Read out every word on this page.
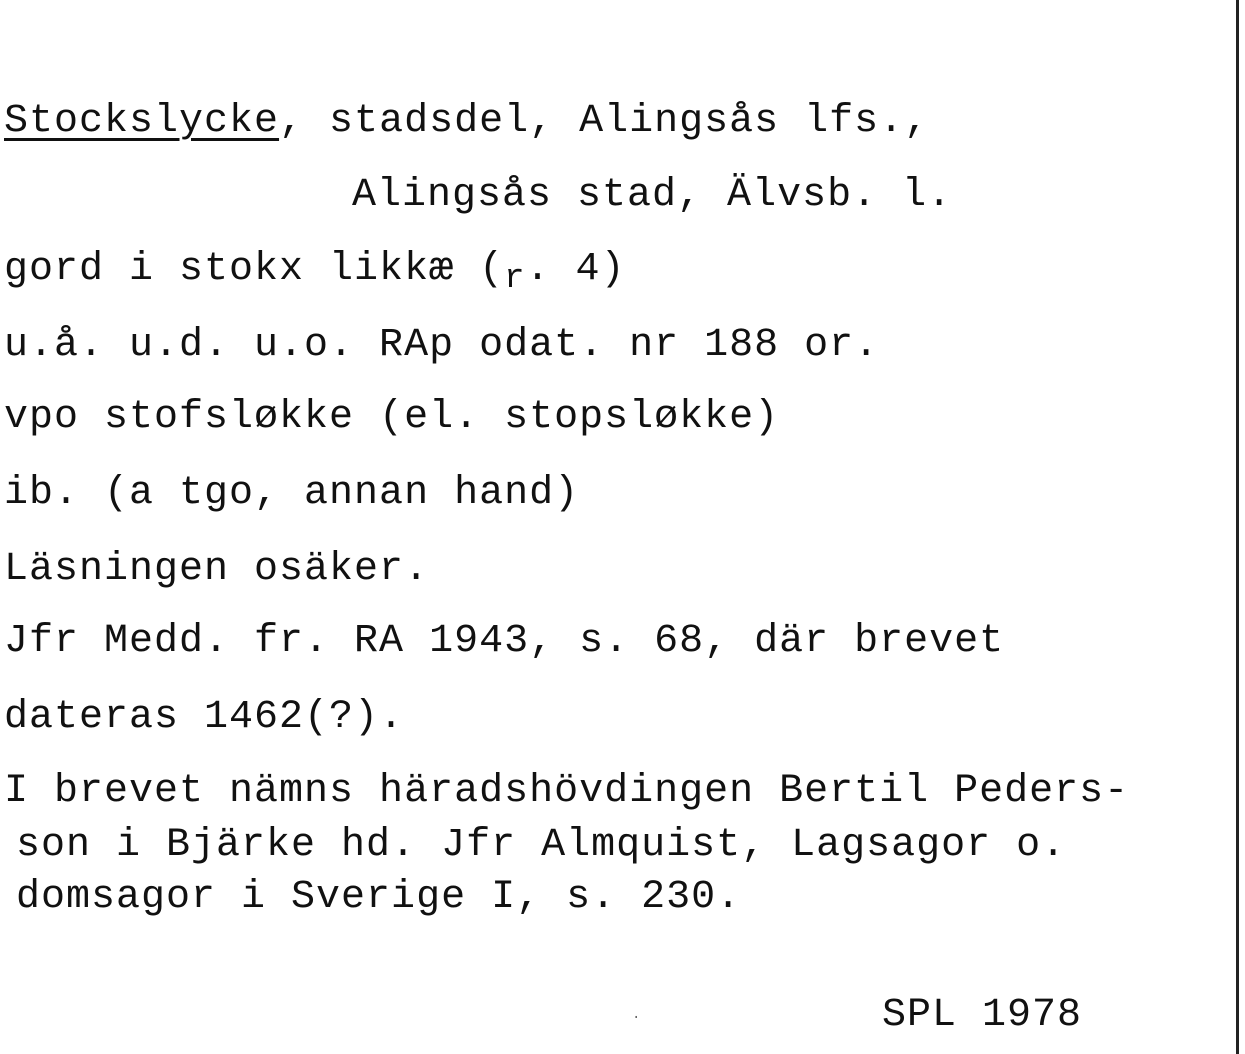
Stockslycke, stadsdel, Alingsås lfs.,
Alingsås stad, Älvsb. l.
gord i stokx likkæ ($_r$. 4)
u.å. u.d. u.o. RAp odat. nr 188 or.
vpo stofsløkke (el. stopsløkke)
ib. (a tgo, annan hand)
Läsningen osäker.
Jfr Medd. fr. RA 1943, s. 68, där brevet
dateras 1462(?).
I brevet nämns häradshövdingen Bertil Peders-
son i Bjärke hd. Jfr Almquist, Lagsagor o.
domsagor i Sverige I, s. 230.
·	SPL 1978
